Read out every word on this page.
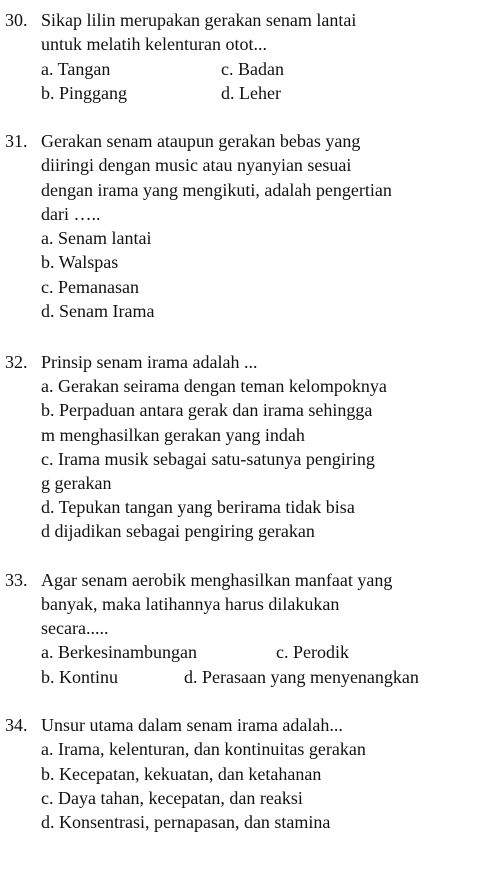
30. Sikap lilin merupakan gerakan senam lantai
untuk melatih kelenturan otot...
a. Tangan	c. Badan
b. Pinggang	d. Leher
31. Gerakan senam ataupun gerakan bebas yang
diiringi dengan music atau nyanyian sesuai
dengan irama yang mengikuti, adalah pengertian
dari …..
a. Senam lantai
b. Walspas
c. Pemanasan
d. Senam Irama
32. Prinsip senam irama adalah ...
a. Gerakan seirama dengan teman kelompoknya
b. Perpaduan antara gerak dan irama sehingga
m menghasilkan gerakan yang indah
c. Irama musik sebagai satu-satunya pengiring
g gerakan
d. Tepukan tangan yang berirama tidak bisa
d dijadikan sebagai pengiring gerakan
33. Agar senam aerobik menghasilkan manfaat yang
banyak, maka latihannya harus dilakukan
secara.....
a. Berkesinambungan	c. Perodik
b. Kontinu	d. Perasaan yang menyenangkan
34. Unsur utama dalam senam irama adalah...
a. Irama, kelenturan, dan kontinuitas gerakan
b. Kecepatan, kekuatan, dan ketahanan
c. Daya tahan, kecepatan, dan reaksi
d. Konsentrasi, pernapasan, dan stamina
